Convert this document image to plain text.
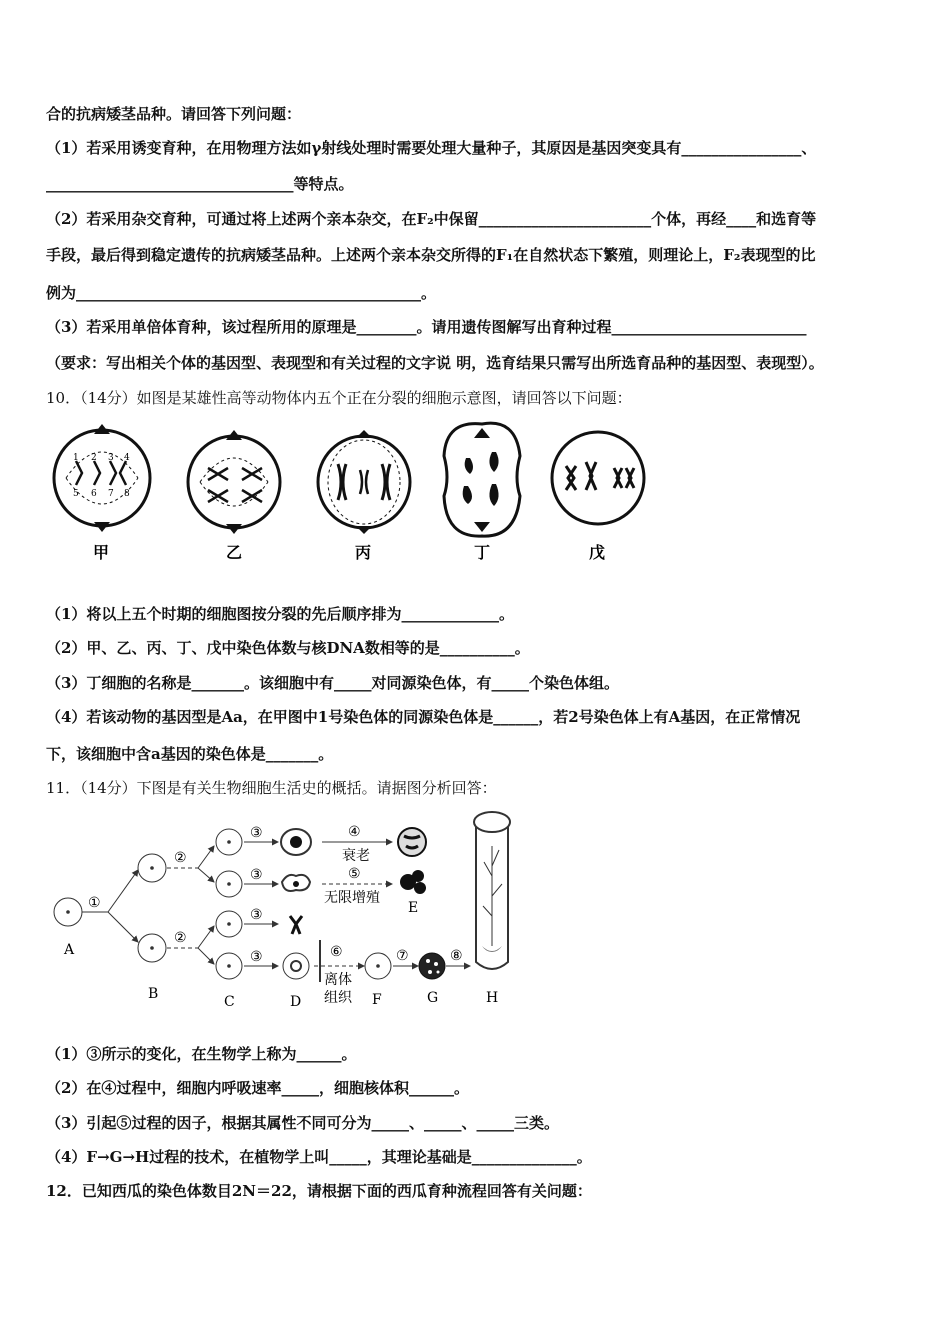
合的抗病矮茎品种。请回答下列问题：
（1）若采用诱变育种，在用物理方法如γ射线处理时需要处理大量种子，其原因是基因突变具有________________、
_________________________________等特点。
（2）若采用杂交育种，可通过将上述两个亲本杂交，在F₂中保留_______________________个体，再经____和选育等
手段，最后得到稳定遗传的抗病矮茎品种。上述两个亲本杂交所得的F₁在自然状态下繁殖，则理论上，F₂表现型的比
例为______________________________________________。
（3）若采用单倍体育种，该过程所用的原理是________。请用遗传图解写出育种过程__________________________
（要求：写出相关个体的基因型、表现型和有关过程的文字说 明，选育结果只需写出所选育品种的基因型、表现型）。
10．（14分）如图是某雄性高等动物体内五个正在分裂的细胞示意图，请回答以下问题：
1 2 3 4
5 6 7 8
甲	乙	丙	丁	戊
（1）将以上五个时期的细胞图按分裂的先后顺序排为_____________。
（2）甲、乙、丙、丁、戊中染色体数与核DNA数相等的是__________。
（3）丁细胞的名称是_______。该细胞中有_____对同源染色体，有_____个染色体组。
（4）若该动物的基因型是Aa，在甲图中1号染色体的同源染色体是______，若2号染色体上有A基因，在正常情况
下，该细胞中含a基因的染色体是_______。
11．（14分）下图是有关生物细胞生活史的概括。请据图分析回答：
A
①
B
②
②
C
③
③
③
③
D
④
衰老
⑤
无限增殖
E
⑥
离体
组织 F
⑦
G
⑧
H
（1）③所示的变化，在生物学上称为______。
（2）在④过程中，细胞内呼吸速率_____，细胞核体积______。
（3）引起⑤过程的因子，根据其属性不同可分为_____、_____、_____三类。
（4）F→G→H过程的技术，在植物学上叫_____，其理论基础是______________。
12．已知西瓜的染色体数目2N＝22，请根据下面的西瓜育种流程回答有关问题：
